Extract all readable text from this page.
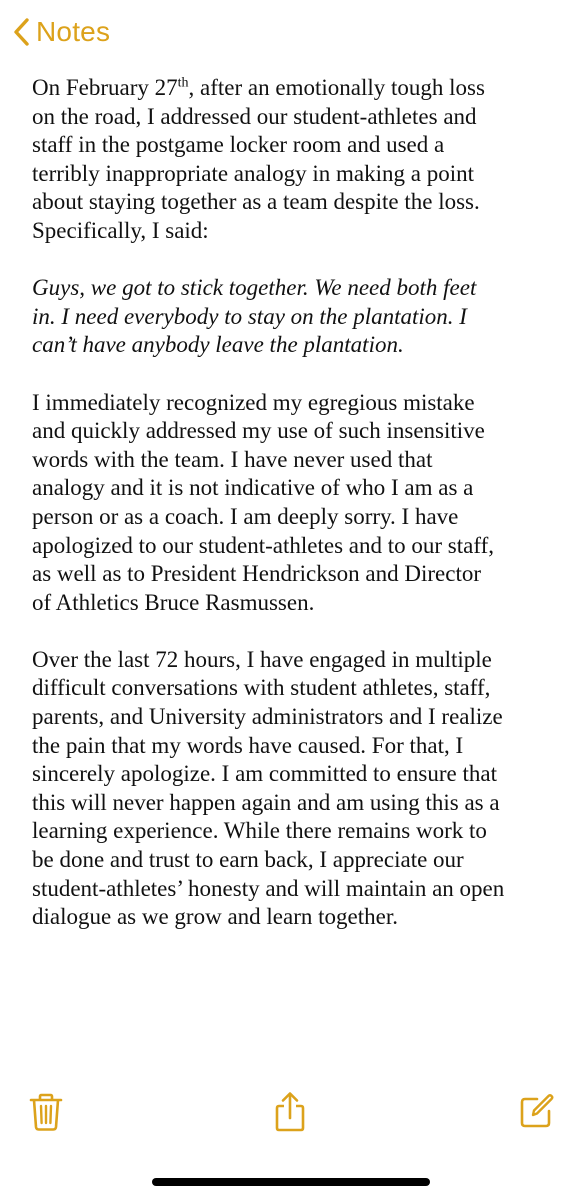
Notes

On February 27th, after an emotionally tough loss
on the road, I addressed our student-athletes and
staff in the postgame locker room and used a
terribly inappropriate analogy in making a point
about staying together as a team despite the loss.
Specifically, I said:

Guys, we got to stick together. We need both feet
in. I need everybody to stay on the plantation. I
can’t have anybody leave the plantation.

I immediately recognized my egregious mistake
and quickly addressed my use of such insensitive
words with the team. I have never used that
analogy and it is not indicative of who I am as a
person or as a coach. I am deeply sorry. I have
apologized to our student-athletes and to our staff,
as well as to President Hendrickson and Director
of Athletics Bruce Rasmussen.

Over the last 72 hours, I have engaged in multiple
difficult conversations with student athletes, staff,
parents, and University administrators and I realize
the pain that my words have caused. For that, I
sincerely apologize. I am committed to ensure that
this will never happen again and am using this as a
learning experience. While there remains work to
be done and trust to earn back, I appreciate our
student-athletes’ honesty and will maintain an open
dialogue as we grow and learn together.
